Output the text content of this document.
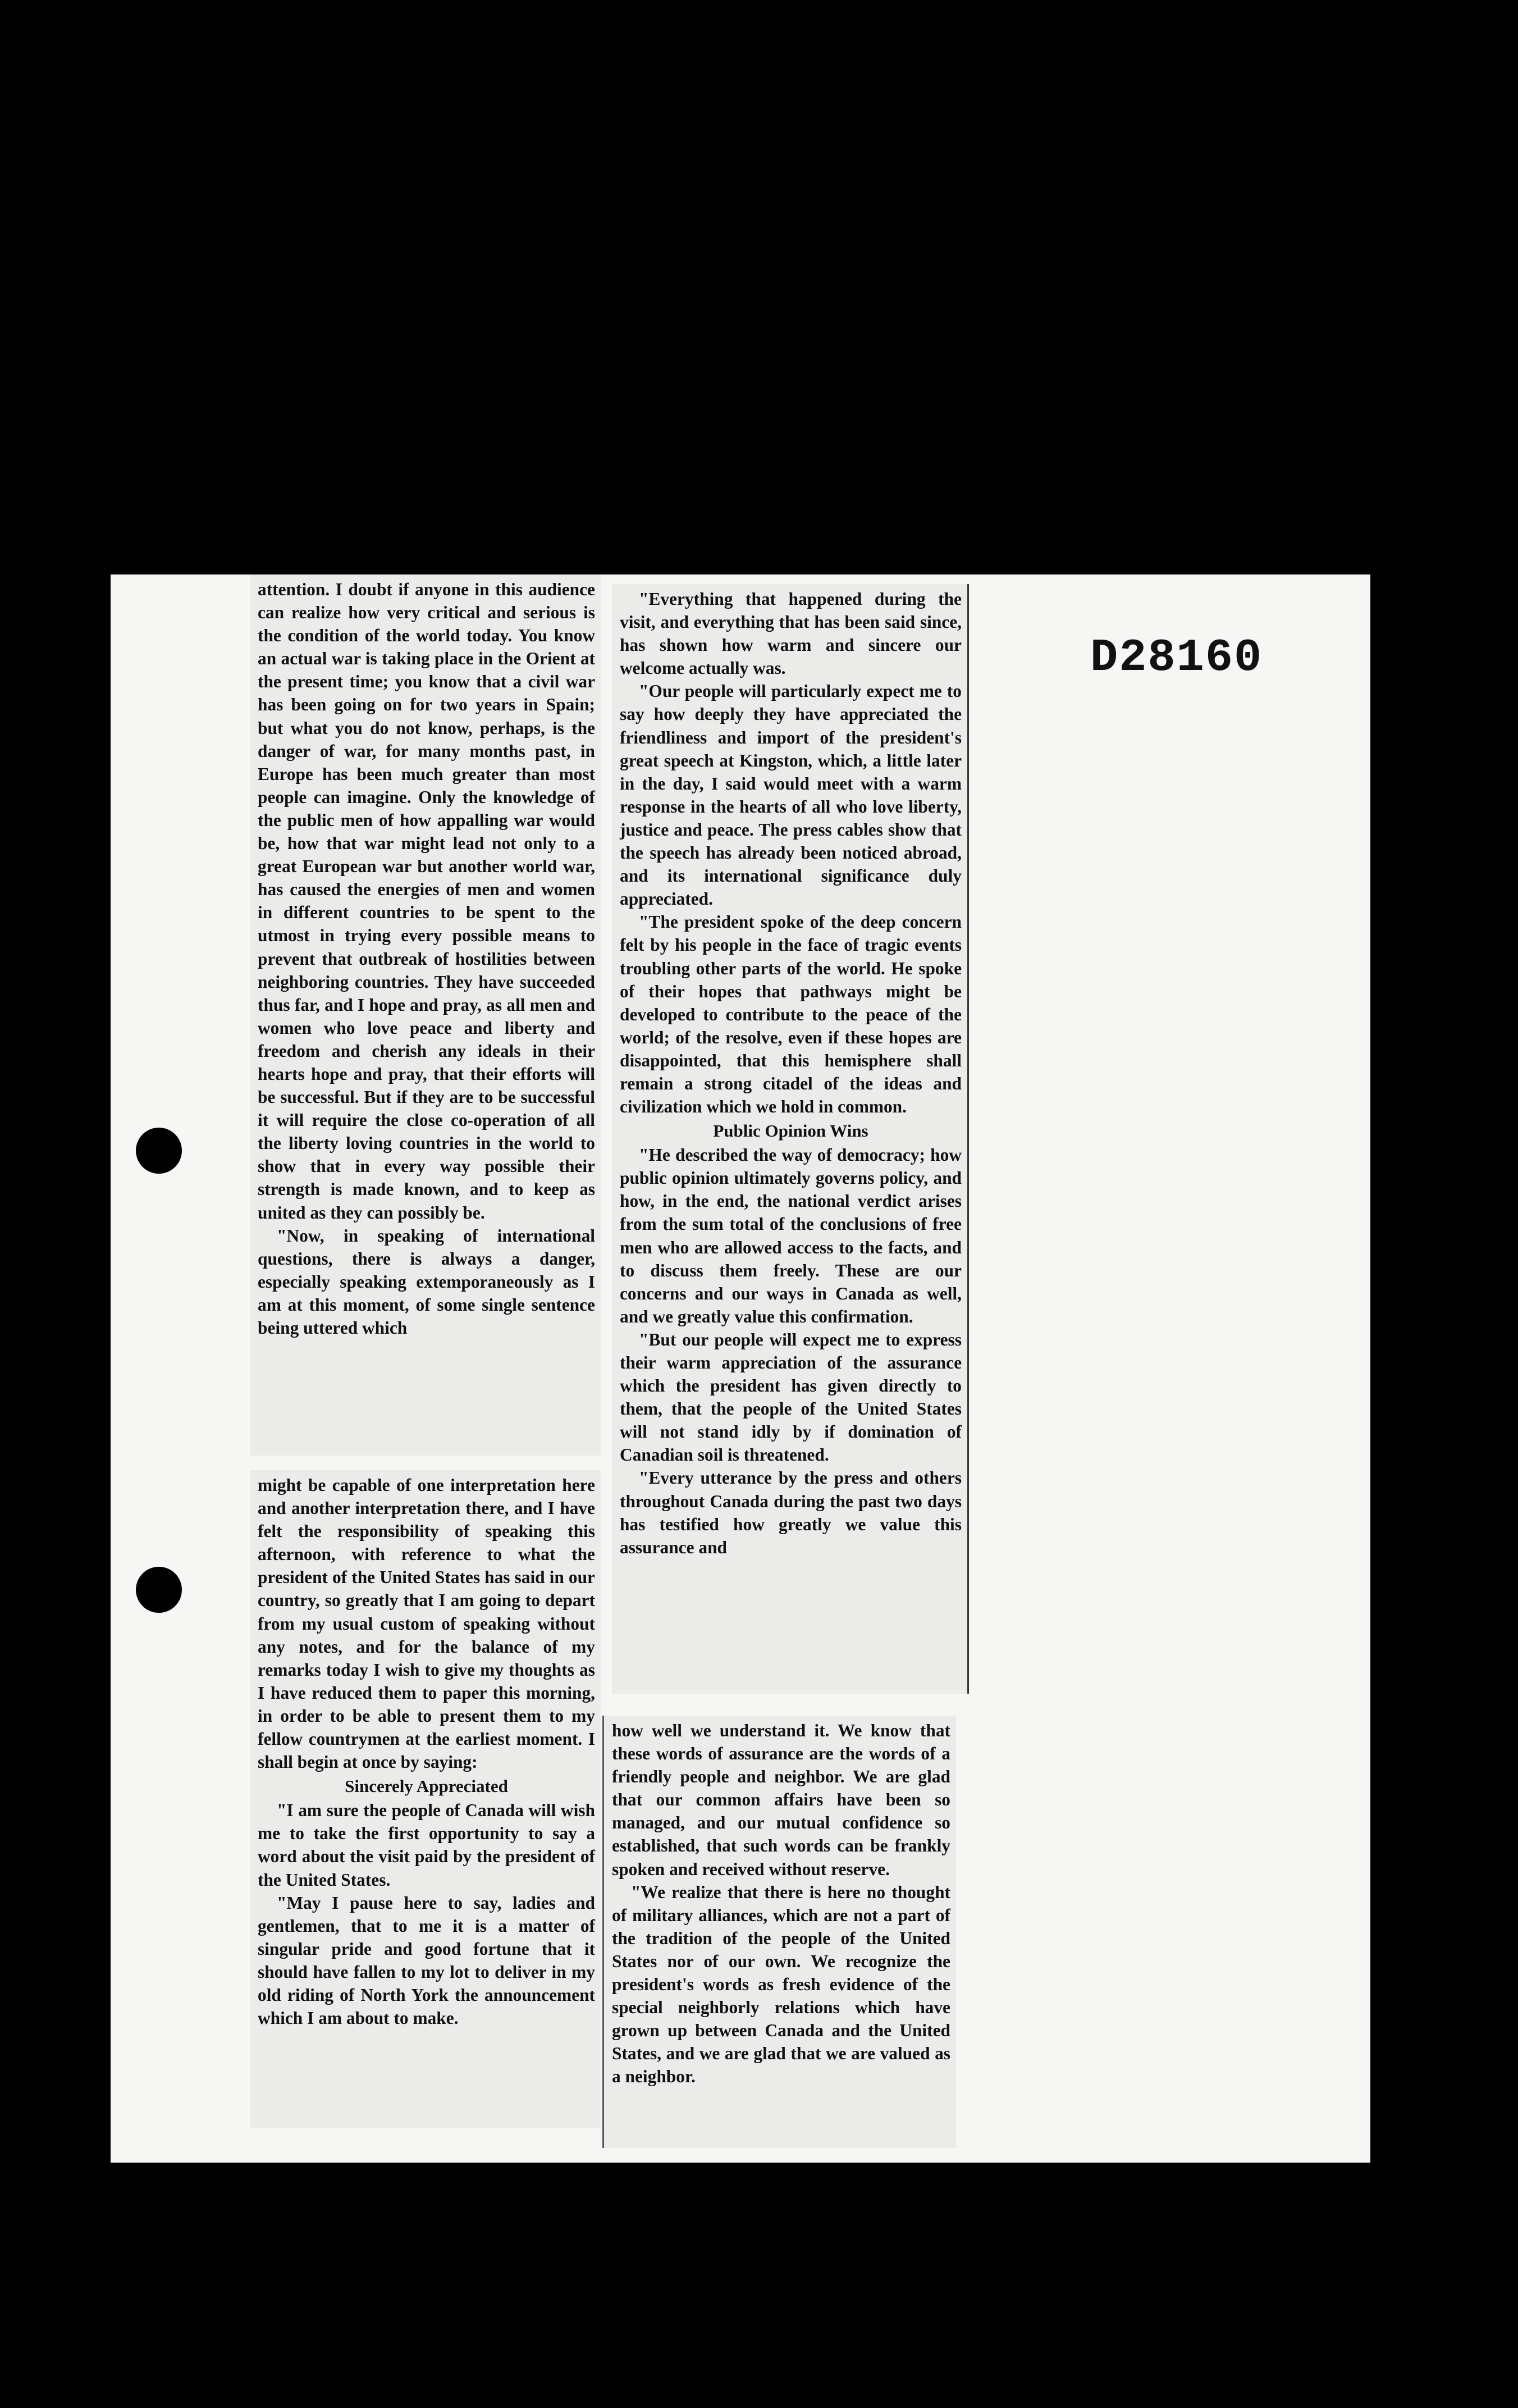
D28160

attention. I doubt if anyone in this audience can realize how very critical and serious is the condition of the world today. You know an actual war is taking place in the Orient at the present time; you know that a civil war has been going on for two years in Spain; but what you do not know, perhaps, is the danger of war, for many months past, in Europe has been much greater than most people can imagine. Only the knowledge of the public men of how appalling war would be, how that war might lead not only to a great European war but another world war, has caused the energies of men and women in different countries to be spent to the utmost in trying every possible means to prevent that outbreak of hostilities between neighboring countries. They have succeeded thus far, and I hope and pray, as all men and women who love peace and liberty and freedom and cherish any ideals in their hearts hope and pray, that their efforts will be successful. But if they are to be successful it will require the close co-operation of all the liberty loving countries in the world to show that in every way possible their strength is made known, and to keep as united as they can possibly be.

"Now, in speaking of international questions, there is always a danger, especially speaking extemporaneously as I am at this moment, of some single sentence being uttered which

might be capable of one interpretation here and another interpretation there, and I have felt the responsibility of speaking this afternoon, with reference to what the president of the United States has said in our country, so greatly that I am going to depart from my usual custom of speaking without any notes, and for the balance of my remarks today I wish to give my thoughts as I have reduced them to paper this morning, in order to be able to present them to my fellow countrymen at the earliest moment. I shall begin at once by saying:

Sincerely Appreciated

"I am sure the people of Canada will wish me to take the first opportunity to say a word about the visit paid by the president of the United States.

"May I pause here to say, ladies and gentlemen, that to me it is a matter of singular pride and good fortune that it should have fallen to my lot to deliver in my old riding of North York the announcement which I am about to make.

"Everything that happened during the visit, and everything that has been said since, has shown how warm and sincere our welcome actually was.

"Our people will particularly expect me to say how deeply they have appreciated the friendliness and import of the president's great speech at Kingston, which, a little later in the day, I said would meet with a warm response in the hearts of all who love liberty, justice and peace. The press cables show that the speech has already been noticed abroad, and its international significance duly appreciated.

"The president spoke of the deep concern felt by his people in the face of tragic events troubling other parts of the world. He spoke of their hopes that pathways might be developed to contribute to the peace of the world; of the resolve, even if these hopes are disappointed, that this hemisphere shall remain a strong citadel of the ideas and civilization which we hold in common.

Public Opinion Wins

"He described the way of democracy; how public opinion ultimately governs policy, and how, in the end, the national verdict arises from the sum total of the conclusions of free men who are allowed access to the facts, and to discuss them freely. These are our concerns and our ways in Canada as well, and we greatly value this confirmation.

"But our people will expect me to express their warm appreciation of the assurance which the president has given directly to them, that the people of the United States will not stand idly by if domination of Canadian soil is threatened.

"Every utterance by the press and others throughout Canada during the past two days has testified how greatly we value this assurance and

how well we understand it. We know that these words of assurance are the words of a friendly people and neighbor. We are glad that our common affairs have been so managed, and our mutual confidence so established, that such words can be frankly spoken and received without reserve.

"We realize that there is here no thought of military alliances, which are not a part of the tradition of the people of the United States nor of our own. We recognize the president's words as fresh evidence of the special neighborly relations which have grown up between Canada and the United States, and we are glad that we are valued as a neighbor.
